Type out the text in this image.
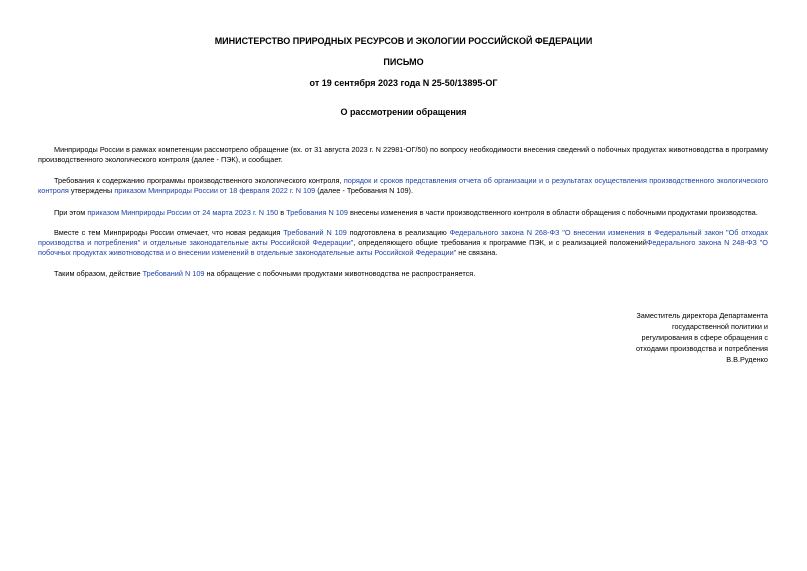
МИНИСТЕРСТВО ПРИРОДНЫХ РЕСУРСОВ И ЭКОЛОГИИ РОССИЙСКОЙ ФЕДЕРАЦИИ
ПИСЬМО
от 19 сентября 2023 года N 25-50/13895-ОГ
О рассмотрении обращения
Минприроды России в рамках компетенции рассмотрело обращение (вх. от 31 августа 2023 г. N 22981-ОГ/50) по вопросу необходимости внесения сведений о побочных продуктах животноводства в программу производственного экологического контроля (далее - ПЭК), и сообщает.
Требования к содержанию программы производственного экологического контроля, порядок и сроков представления отчета об организации и о результатах осуществления производственного экологического контроля утверждены приказом Минприроды России от 18 февраля 2022 г. N 109 (далее - Требования N 109).
При этом приказом Минприроды России от 24 марта 2023 г. N 150 в Требования N 109 внесены изменения в части производственного контроля в области обращения с побочными продуктами производства.
Вместе с тем Минприроды России отмечает, что новая редакция Требований N 109 подготовлена в реализацию Федерального закона N 268-ФЗ "О внесении изменения в Федеральный закон "Об отходах производства и потребления" и отдельные законодательные акты Российской Федерации", определяющего общие требования к программе ПЭК, и с реализацией положенийФедерального закона N 248-ФЗ "О побочных продуктах животноводства и о внесении изменений в отдельные законодательные акты Российской Федерации" не связана.
Таким образом, действие Требований N 109 на обращение с побочными продуктами животноводства не распространяется.
Заместитель директора Департамента
государственной политики и
регулирования в сфере обращения с
отходами производства и потребления
В.В.Руденко
